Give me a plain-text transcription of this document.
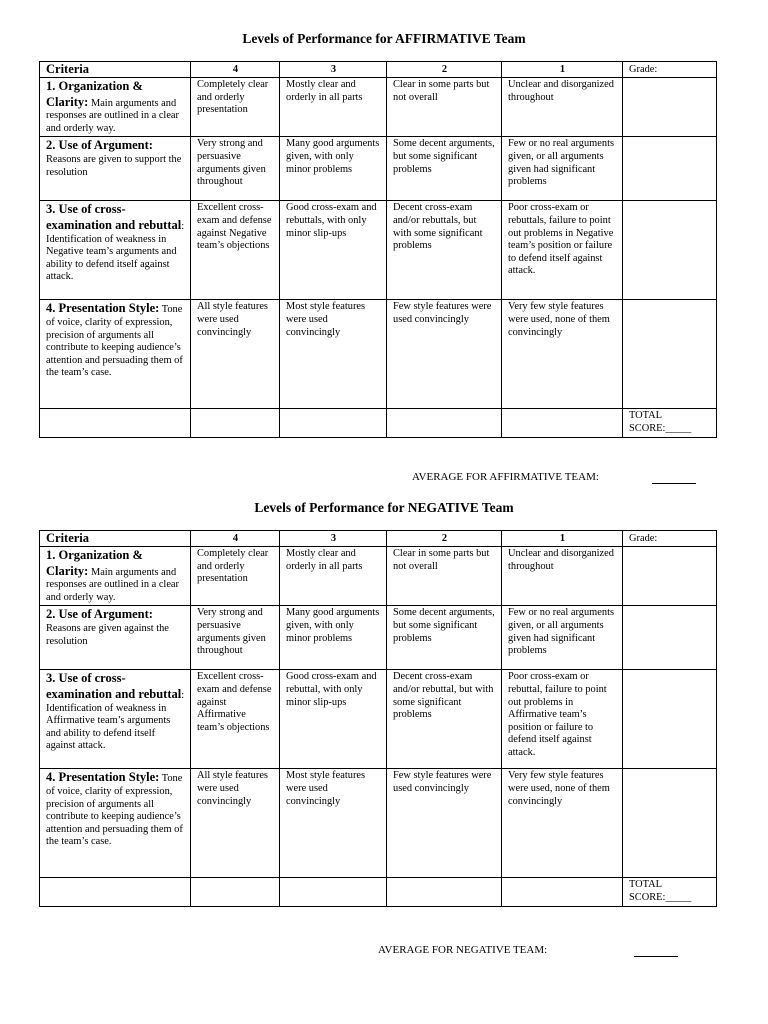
Levels of Performance for AFFIRMATIVE Team
Criteria	4	3	2	1	Grade:
1. Organization & Clarity: Main arguments and responses are outlined in a clear and orderly way.	Completely clear and orderly presentation	Mostly clear and orderly in all parts	Clear in some parts but not overall	Unclear and disorganized throughout	
2. Use of Argument: Reasons are given to support the resolution	Very strong and persuasive arguments given throughout	Many good arguments given, with only minor problems	Some decent arguments, but some significant problems	Few or no real arguments given, or all arguments given had significant problems	
3. Use of cross-examination and rebuttal: Identification of weakness in Negative team’s arguments and ability to defend itself against attack.	Excellent cross-exam and defense against Negative team’s objections	Good cross-exam and rebuttals, with only minor slip-ups	Decent cross-exam and/or rebuttals, but with some significant problems	Poor cross-exam or rebuttals, failure to point out problems in Negative team’s position or failure to defend itself against attack.	
4. Presentation Style: Tone of voice, clarity of expression, precision of arguments all contribute to keeping audience’s attention and persuading them of the team’s case.	All style features were used convincingly	Most style features were used convincingly	Few style features were used convincingly	Very few style features were used, none of them convincingly	
					TOTAL SCORE:_____
AVERAGE FOR AFFIRMATIVE TEAM:
Levels of Performance for NEGATIVE Team
Criteria	4	3	2	1	Grade:
1. Organization & Clarity: Main arguments and responses are outlined in a clear and orderly way.	Completely clear and orderly presentation	Mostly clear and orderly in all parts	Clear in some parts but not overall	Unclear and disorganized throughout	
2. Use of Argument: Reasons are given against the resolution	Very strong and persuasive arguments given throughout	Many good arguments given, with only minor problems	Some decent arguments, but some significant problems	Few or no real arguments given, or all arguments given had significant problems	
3. Use of cross-examination and rebuttal: Identification of weakness in Affirmative team’s arguments and ability to defend itself against attack.	Excellent cross-exam and defense against Affirmative team’s objections	Good cross-exam and rebuttal, with only minor slip-ups	Decent cross-exam and/or rebuttal, but with some significant problems	Poor cross-exam or rebuttal, failure to point out problems in Affirmative team’s position or failure to defend itself against attack.	
4. Presentation Style: Tone of voice, clarity of expression, precision of arguments all contribute to keeping audience’s attention and persuading them of the team’s case.	All style features were used convincingly	Most style features were used convincingly	Few style features were used convincingly	Very few style features were used, none of them convincingly	
					TOTAL SCORE:_____
AVERAGE FOR NEGATIVE TEAM:
